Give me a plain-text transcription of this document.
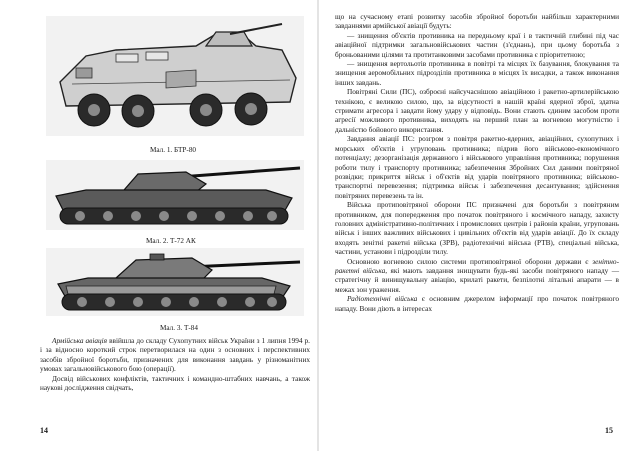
Мал. 1. БТР-80
Мал. 2. Т-72 АК
Мал. 3. Т-84

Армійська авіація ввійшла до складу Сухопутних військ України з 1 липня 1994 р. і за відносно короткий строк перетворилася на один з основних і перспективних засобів збройної боротьби, призначених для виконання завдань у різноманітних умовах загальновійськового бою (операції).

Досвід військових конфліктів, тактичних і командно-штабних навчань, а також наукові дослідження свідчать,

14

що на сучасному етапі розвитку засобів збройної боротьби найбільш характерними завданнями армійської авіації будуть:

— знищення об'єктів противника на передньому краї і в тактичній глибині під час авіаційної підтримки загальновійськових частин (з'єднань), при цьому боротьба з броньованими цілями та протитанковими засобами противника є пріоритетною;

— знищення вертольотів противника в повітрі та місцях їх базування, блокування та знищення аеромобільних підрозділів противника в місцях їх висадки, а також виконання інших завдань.

Повітряні Сили (ПС), озброєні найсучаснішою авіаційною і ракетно-артилерійською технікою, є великою силою, що, за відсутності в нашій країні ядерної зброї, здатна стримати агресора і завдати йому удару у відповідь. Вони стають єдиним засобом проти агресії можливого противника, виходять на перший план за вогневою могутністю і дальністю бойового використання.

Завдання авіації ПС: розгром з повітря ракетно-ядерних, авіаційних, сухопутних і морських об'єктів і угруповань противника; підрив його військово-економічного потенціалу; дезорганізація державного і військового управління противника; порушення роботи тилу і транспорту противника; забезпечення Збройних Сил даними повітряної розвідки; прикриття військ і об'єктів від ударів повітряного противника; військово-транспортні перевезення; підтримка військ і забезпечення десантування; здійснення повітряних перевезень та ін.

Війська протиповітряної оборони ПС призначені для боротьби з повітряним противником, для попередження про початок повітряного і космічного нападу, захисту головних адміністративно-політичних і промислових центрів і районів країни, угруповань військ і інших важливих військових і цивільних об'єктів від ударів авіації. До їх складу входять зенітні ракетні війська (ЗРВ), радіотехнічні війська (РТВ), спеціальні війська, частини, установи і підрозділи тилу.

Основною вогневою силою системи протиповітряної оборони держави є зенітно-ракетні війська, які мають завдання знищувати будь-які засоби повітряного нападу — стратегічну й винищувальну авіацію, крилаті ракети, безпілотні літальні апарати — в межах зон ураження.

Радіотехнічні війська є основним джерелом інформації про початок повітряного нападу. Вони діють в інтересах

15
